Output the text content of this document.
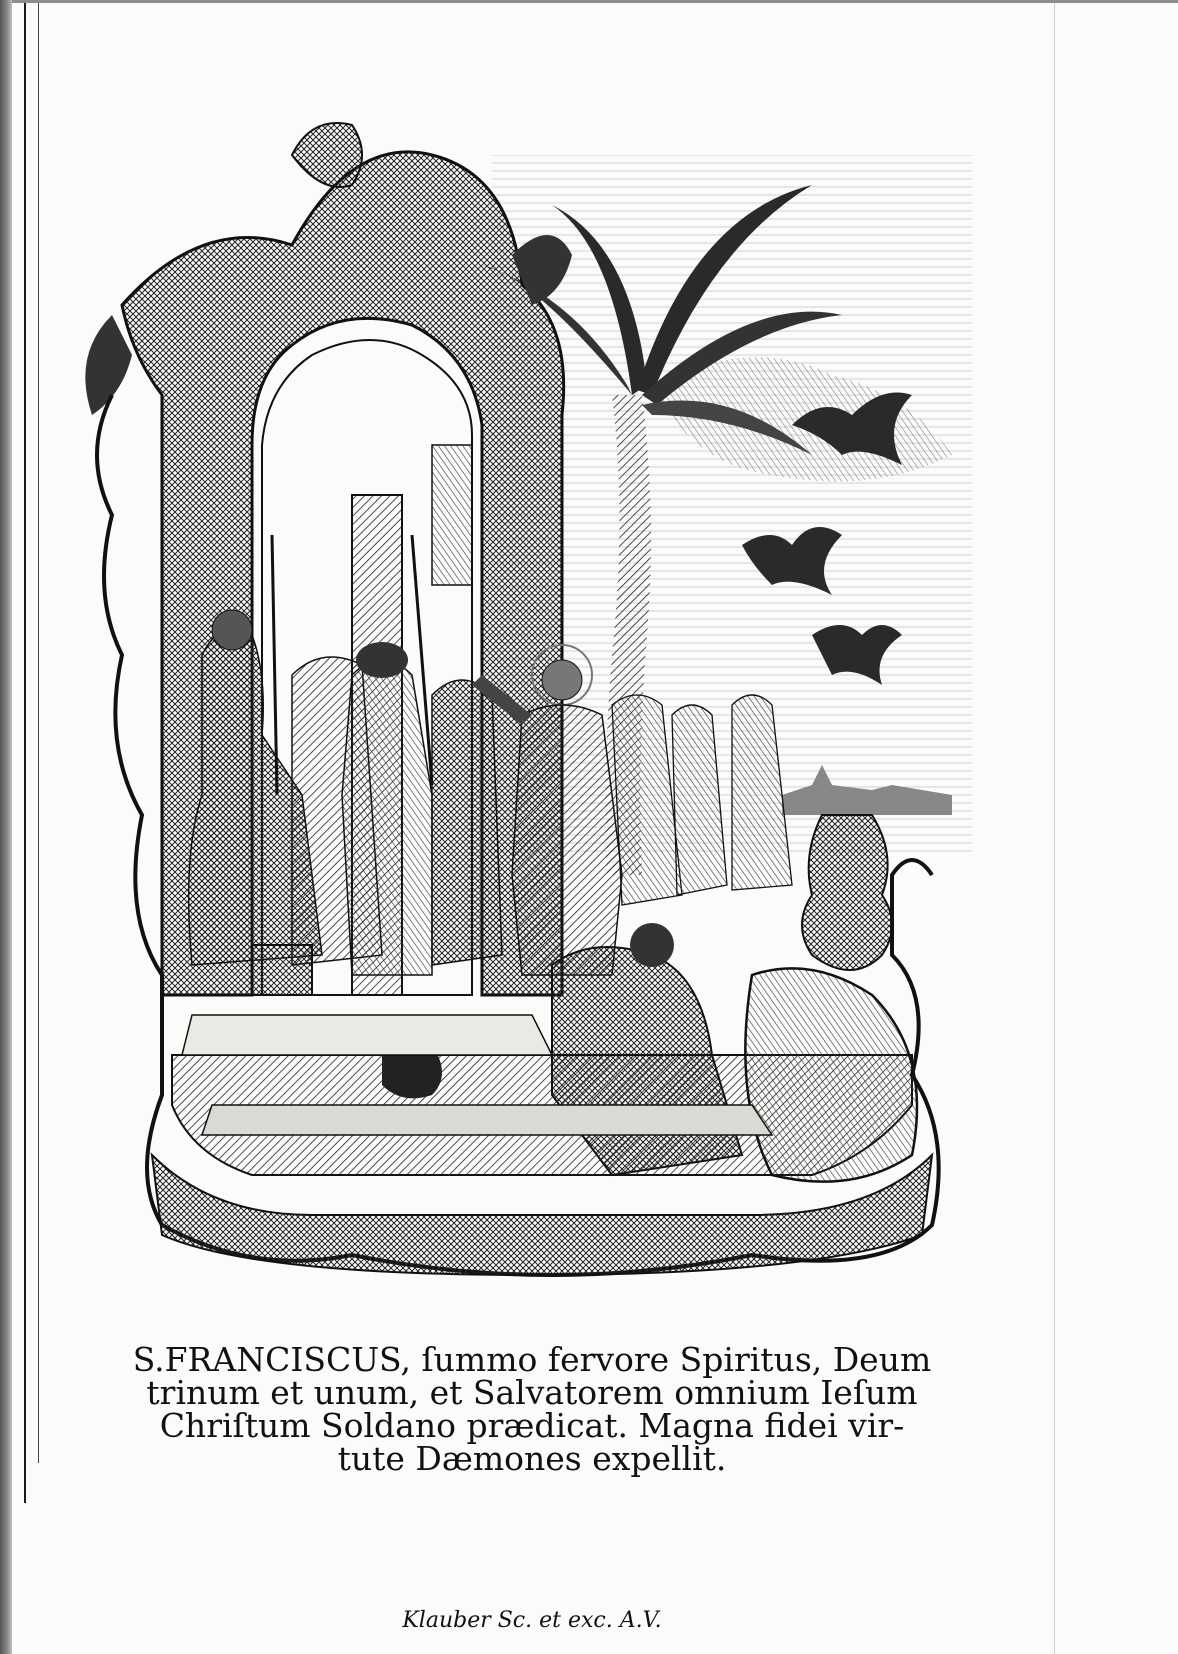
S.FRANCISCUS, ſummo fervore Spiritus, Deum
trinum et unum, et Salvatorem omnium Ieſum
Chriſtum Soldano prædicat. Magna fidei vir-
tute Dæmones expellit.
Klauber Sc. et exc. A.V.
